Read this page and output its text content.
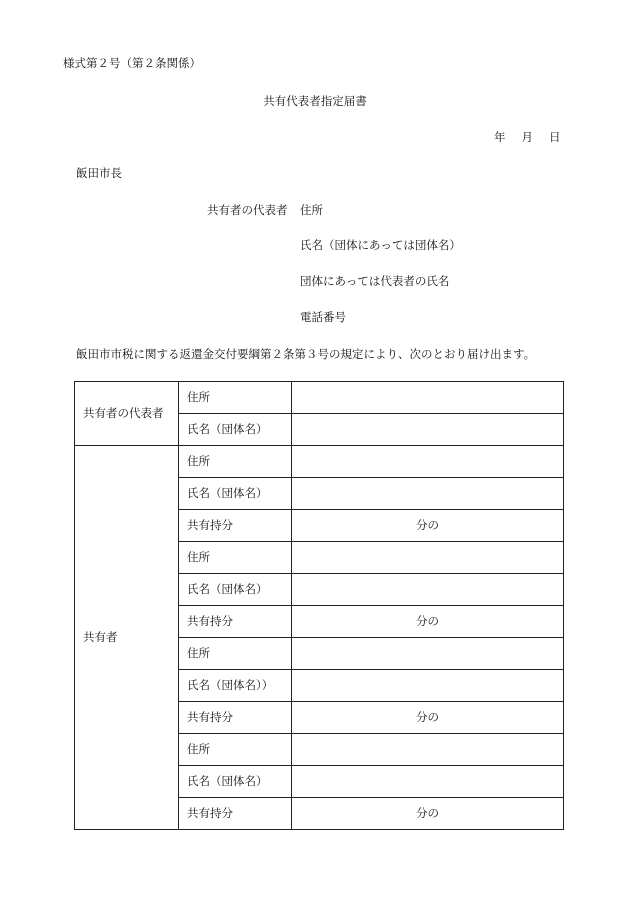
様式第２号（第２条関係）
共有代表者指定届書
年 月 日
飯田市長
共有者の代表者 住所
氏名（団体にあっては団体名）
団体にあっては代表者の氏名
電話番号
飯田市市税に関する返還金交付要綱第２条第３号の規定により、次のとおり届け出ます。
共有者の代表者	住所	
	氏名（団体名）	
共有者	住所	
	氏名（団体名）	
	共有持分	分の
	住所	
	氏名（団体名）	
	共有持分	分の
	住所	
	氏名（団体名））	
	共有持分	分の
	住所	
	氏名（団体名）	
	共有持分	分の
